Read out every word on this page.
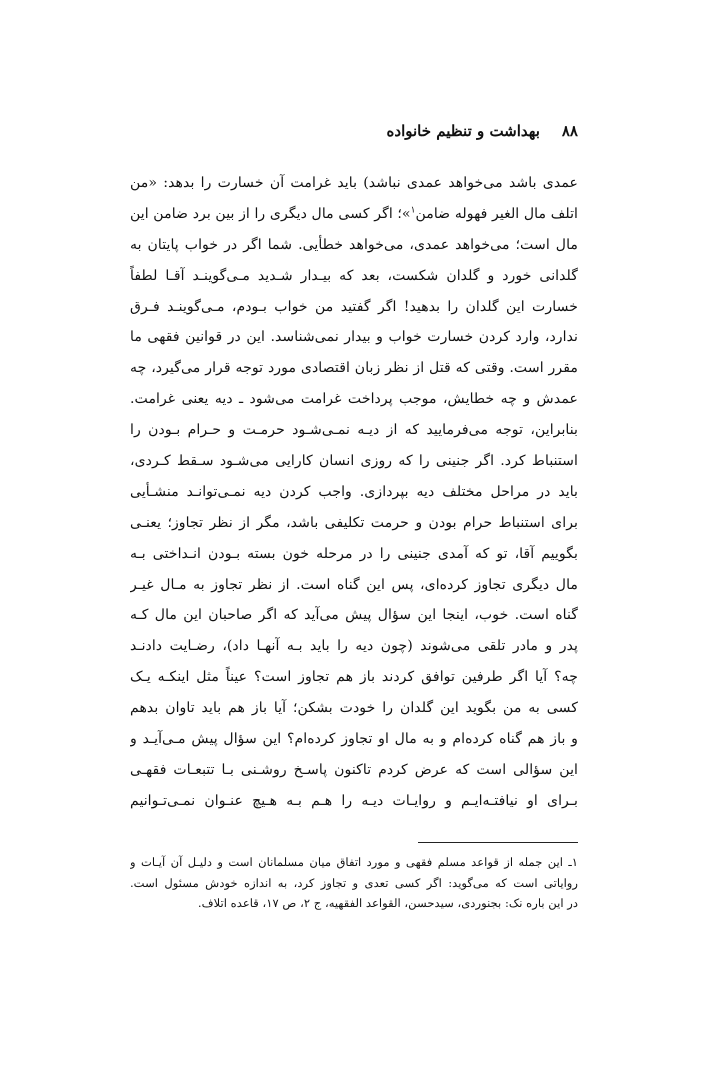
۸۸
بهداشت و تنظیم خانواده
عمدی باشد می‌خواهد عمدی نباشد) باید غرامت آن خسارت را بدهد: «من
اتلف مال الغیر فهوله ضامن$^۱$»؛ اگر کسی مال دیگری را از بین برد ضامن این
مال است؛ می‌خواهد عمدی، می‌خواهد خطأیی. شما اگر در خواب پایتان به
گلدانی خورد و گلدان شکست، بعد که بیـدار شـدید مـی‌گوینـد آقـا لطفاً
خسارت این گلدان را بدهید! اگر گفتید من خواب بـودم، مـی‌گوینـد فـرق
ندارد، وارد کردن خسارت خواب و بیدار نمی‌شناسد. این در قوانین فقهی ما
مقرر است. وقتی که قتل از نظر زبان اقتصادی مورد توجه قرار می‌گیرد، چه
عمدش و چه خطایش، موجب پرداخت غرامت می‌شود ـ دیه یعنی غرامت.
بنابراین، توجه می‌فرمایید که از دیـه نمـی‌شـود حرمـت و حـرام بـودن را
استنباط کرد. اگر جنینی را که روزی انسان کارایی می‌شـود سـقط کـردی،
باید در مراحل مختلف دیه بپردازی. واجب کردن دیه نمـی‌توانـد منشـأیی
برای استنباط حرام بودن و حرمت تکلیفی باشد، مگر از نظر تجاوز؛ یعنـی
بگوییم آقا، تو که آمدی جنینی را در مرحله خون بسته بـودن انـداختی بـه
مال دیگری تجاوز کرده‌ای، پس این گناه است. از نظر تجاوز به مـال غیـر
گناه است. خوب، اینجا این سؤال پیش می‌آید که اگر صاحبان این مال کـه
پدر و مادر تلقی می‌شوند (چون دیه را باید بـه آنهـا داد)، رضـایت دادنـد
چه؟ آیا اگر طرفین توافق کردند باز هم تجاوز است؟ عیناً مثل اینکـه یـک
کسی به من بگوید این گلدان را خودت بشکن؛ آیا باز هم باید تاوان بدهم
و باز هم گناه کرده‌ام و به مال او تجاوز کرده‌ام؟ این سؤال پیش مـی‌آیـد و
این سؤالی است که عرض کردم تاکنون پاسـخ روشـنی بـا تتبعـات فقهـی
بـرای او نیافتـه‌ایـم و روایـات دیـه را هـم بـه هـیچ عنـوان نمـی‌تـوانیم
۱ـ این جمله از قواعد مسلم فقهی و مورد اتفاق میان مسلمانان است و دلیـل آن آیـات و
روایاتی است که می‌گوید: اگر کسی تعدی و تجاوز کرد، به اندازه خودش مسئول است.
در این باره نک: بجنوردی، سیدحسن، القواعد الفقهیه، ج ۲، ص ۱۷، قاعده اتلاف.
